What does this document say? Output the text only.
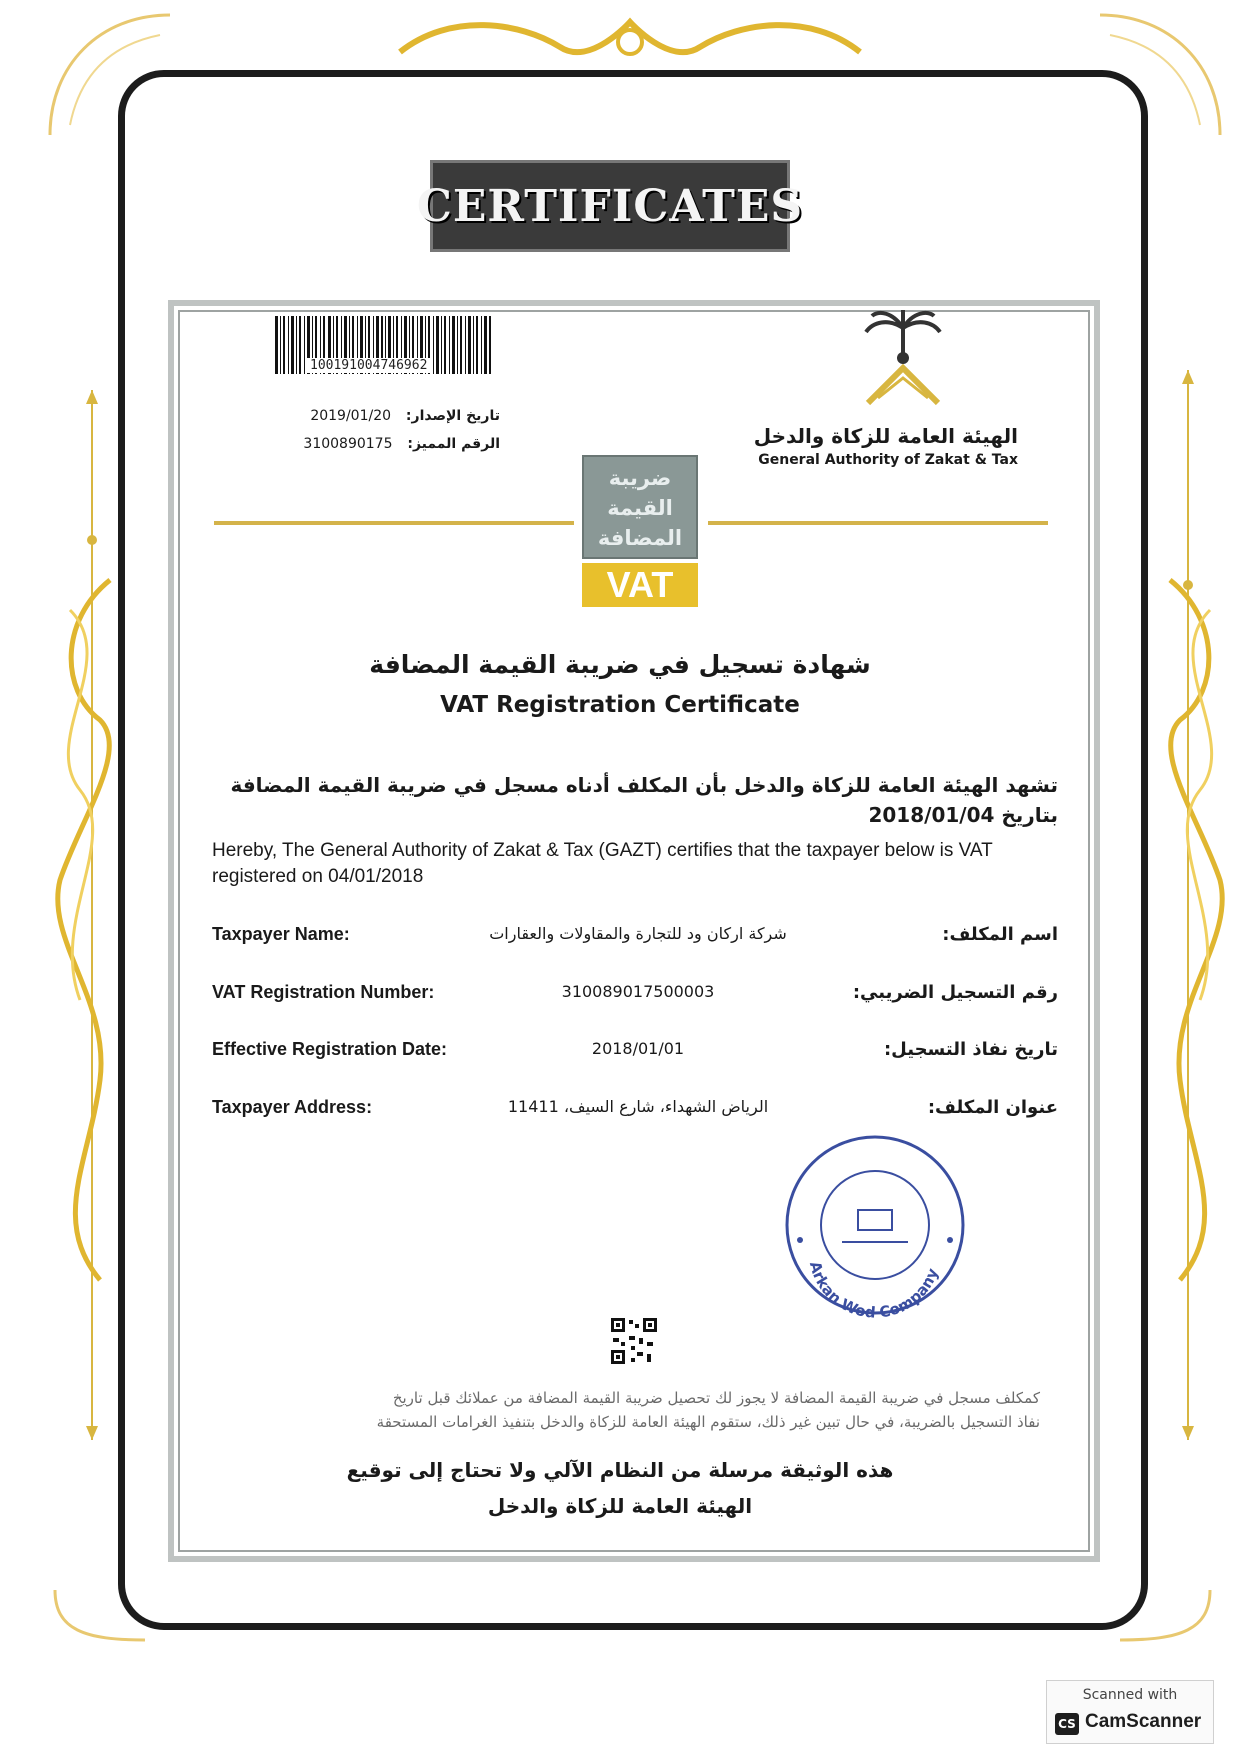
CERTIFICATES
10019100474696​2
تاريخ الإصدار: 2019/01/20
الرقم المميز: 3100890175	الهيئة العامة للزكاة والدخل
General Authority of Zakat & Tax
ضريبة القيمة المضافة
VAT
شهادة تسجيل في ضريبة القيمة المضافة
VAT Registration Certificate
تشهد الهيئة العامة للزكاة والدخل بأن المكلف أدناه مسجل في ضريبة القيمة المضافة
بتاريخ 2018/01/04
Hereby, The General Authority of Zakat & Tax (GAZT) certifies that the taxpayer below is VAT registered on 04/01/2018
Taxpayer Name:	شركة اركان ود للتجارة والمقاولات والعقارات	اسم المكلف:
VAT Registration Number:	310089017500003	رقم التسجيل الضريبي:
Effective Registration Date:	2018/01/01	تاريخ نفاذ التسجيل:
Taxpayer Address:	الرياض الشهداء، شارع السيف، 11411	عنوان المكلف:
Arkan Wod Company
كمكلف مسجل في ضريبة القيمة المضافة لا يجوز لك تحصيل ضريبة القيمة المضافة من عملائك قبل تاريخ
نفاذ التسجيل بالضريبة، في حال تبين غير ذلك، ستقوم الهيئة العامة للزكاة والدخل بتنفيذ الغرامات المستحقة
هذه الوثيقة مرسلة من النظام الآلي ولا تحتاج إلى توقيع
الهيئة العامة للزكاة والدخل
Scanned with
CS CamScanner
